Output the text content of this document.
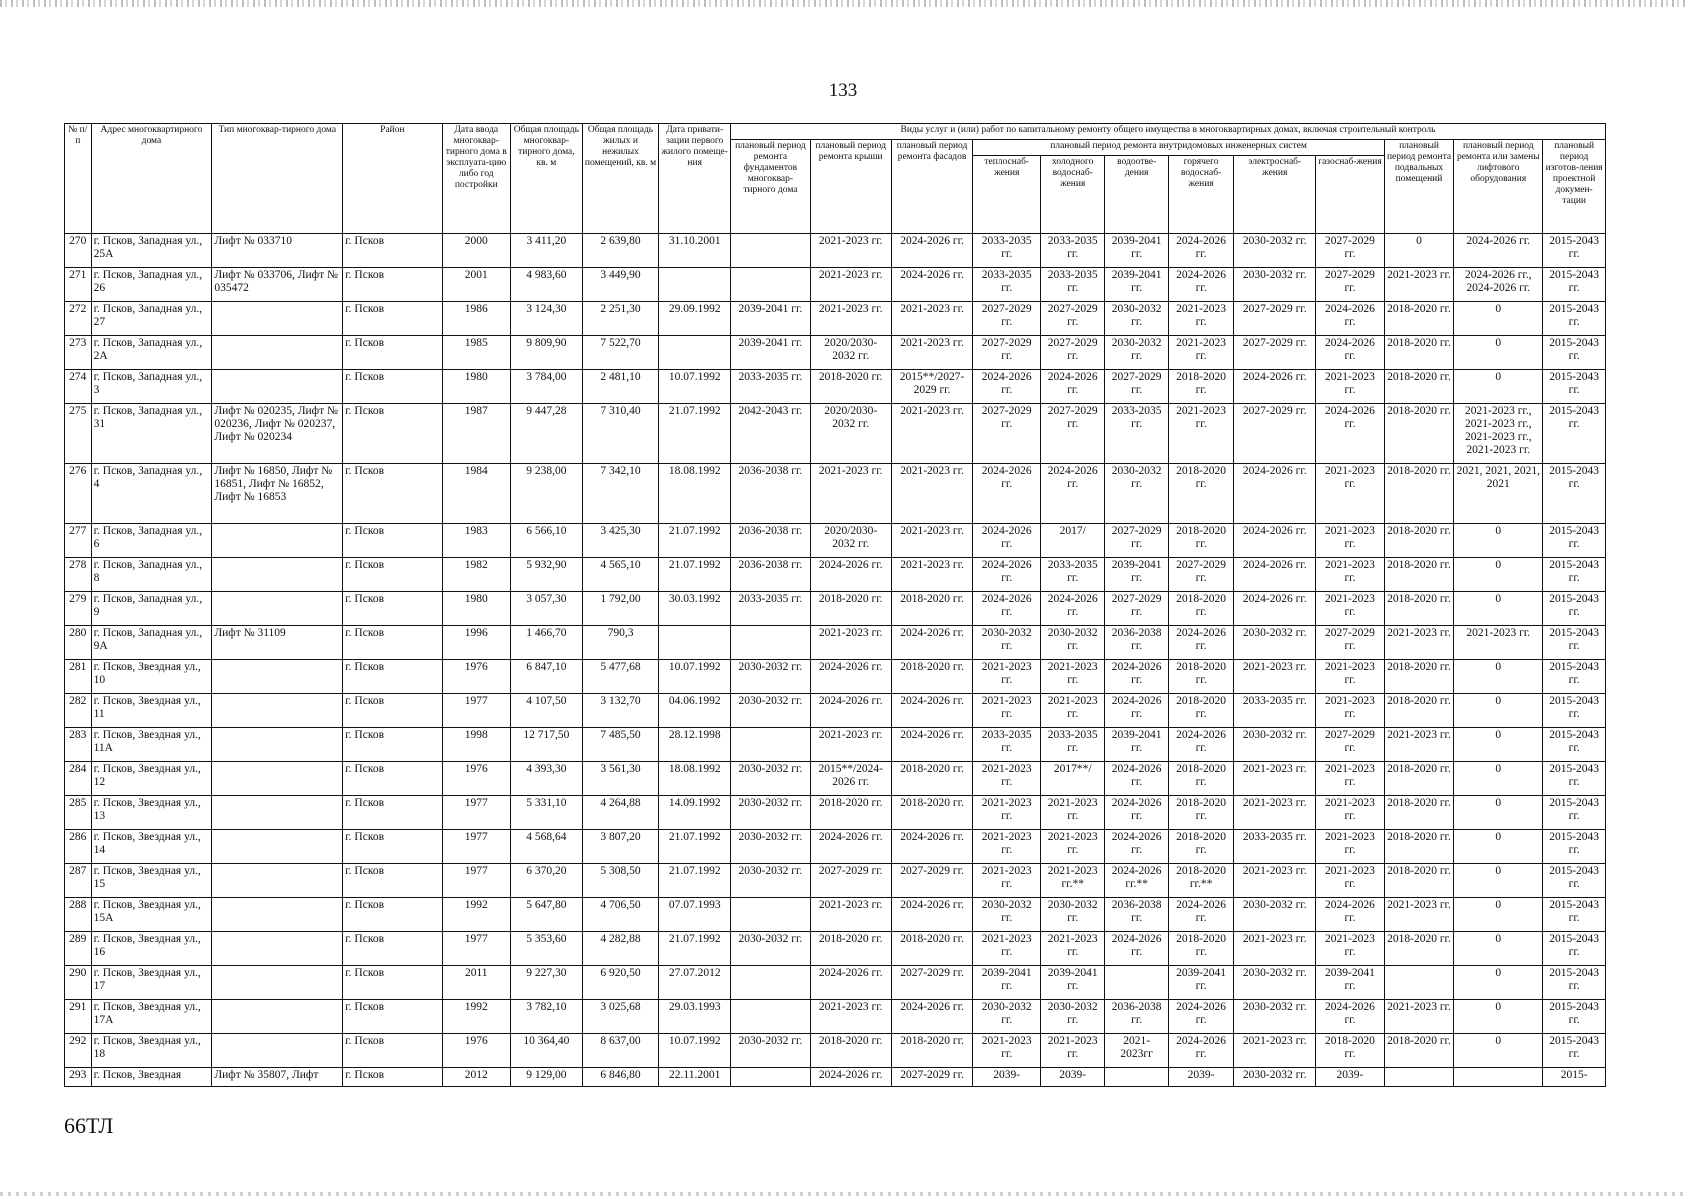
133
№ п/п	Адрес многоквартирного дома	Тип многоквар-тирного дома	Район	Дата ввода многоквар-тирного дома в эксплуата-цию либо год постройки	Общая площадь многоквар-тирного дома, кв. м	Общая площадь жилых и нежилых помещений, кв. м	Дата привати-зации первого жилого помеще-ния	Виды услуг и (или) работ по капитальному ремонту общего имущества в многоквартирных домах, включая строительный контроль											
								плановый период ремонта фундаментов многоквар-тирного дома	плановый период ремонта крыши	плановый период ремонта фасадов	плановый период ремонта внутридомовых инженерных систем						плановый период ремонта подвальных помещений	плановый период ремонта или замены лифтового оборудования	плановый период изготов-ления проектной докумен-тации
											теплоснаб-жения	холодного водоснаб-жения	водоотве-дения	горячего водоснаб-жения	электроснаб-жения	газоснаб-жения			
270	г. Псков, Западная ул., 25А	Лифт № 033710	г. Псков	2000	3 411,20	2 639,80	31.10.2001		2021-2023 гг.	2024-2026 гг.	2033-2035 гг.	2033-2035 гг.	2039-2041 гг.	2024-2026 гг.	2030-2032 гг.	2027-2029 гг.	0	2024-2026 гг.	2015-2043 гг.
271	г. Псков, Западная ул., 26	Лифт № 033706, Лифт № 035472	г. Псков	2001	4 983,60	3 449,90			2021-2023 гг.	2024-2026 гг.	2033-2035 гг.	2033-2035 гг.	2039-2041 гг.	2024-2026 гг.	2030-2032 гг.	2027-2029 гг.	2021-2023 гг.	2024-2026 гг., 2024-2026 гг.	2015-2043 гг.
272	г. Псков, Западная ул., 27		г. Псков	1986	3 124,30	2 251,30	29.09.1992	2039-2041 гг.	2021-2023 гг.	2021-2023 гг.	2027-2029 гг.	2027-2029 гг.	2030-2032 гг.	2021-2023 гг.	2027-2029 гг.	2024-2026 гг.	2018-2020 гг.	0	2015-2043 гг.
273	г. Псков, Западная ул., 2А		г. Псков	1985	9 809,90	7 522,70		2039-2041 гг.	2020/2030-2032 гг.	2021-2023 гг.	2027-2029 гг.	2027-2029 гг.	2030-2032 гг.	2021-2023 гг.	2027-2029 гг.	2024-2026 гг.	2018-2020 гг.	0	2015-2043 гг.
274	г. Псков, Западная ул., 3		г. Псков	1980	3 784,00	2 481,10	10.07.1992	2033-2035 гг.	2018-2020 гг.	2015**/2027-2029 гг.	2024-2026 гг.	2024-2026 гг.	2027-2029 гг.	2018-2020 гг.	2024-2026 гг.	2021-2023 гг.	2018-2020 гг.	0	2015-2043 гг.
275	г. Псков, Западная ул., 31	Лифт № 020235, Лифт № 020236, Лифт № 020237, Лифт № 020234	г. Псков	1987	9 447,28	7 310,40	21.07.1992	2042-2043 гг.	2020/2030-2032 гг.	2021-2023 гг.	2027-2029 гг.	2027-2029 гг.	2033-2035 гг.	2021-2023 гг.	2027-2029 гг.	2024-2026 гг.	2018-2020 гг.	2021-2023 гг., 2021-2023 гг., 2021-2023 гг., 2021-2023 гг.	2015-2043 гг.
276	г. Псков, Западная ул., 4	Лифт № 16850, Лифт № 16851, Лифт № 16852, Лифт № 16853	г. Псков	1984	9 238,00	7 342,10	18.08.1992	2036-2038 гг.	2021-2023 гг.	2021-2023 гг.	2024-2026 гг.	2024-2026 гг.	2030-2032 гг.	2018-2020 гг.	2024-2026 гг.	2021-2023 гг.	2018-2020 гг.	2021, 2021, 2021, 2021	2015-2043 гг.
277	г. Псков, Западная ул., 6		г. Псков	1983	6 566,10	3 425,30	21.07.1992	2036-2038 гг.	2020/2030-2032 гг.	2021-2023 гг.	2024-2026 гг.	2017/	2027-2029 гг.	2018-2020 гг.	2024-2026 гг.	2021-2023 гг.	2018-2020 гг.	0	2015-2043 гг.
278	г. Псков, Западная ул., 8		г. Псков	1982	5 932,90	4 565,10	21.07.1992	2036-2038 гг.	2024-2026 гг.	2021-2023 гг.	2024-2026 гг.	2033-2035 гг.	2039-2041 гг.	2027-2029 гг.	2024-2026 гг.	2021-2023 гг.	2018-2020 гг.	0	2015-2043 гг.
279	г. Псков, Западная ул., 9		г. Псков	1980	3 057,30	1 792,00	30.03.1992	2033-2035 гг.	2018-2020 гг.	2018-2020 гг.	2024-2026 гг.	2024-2026 гг.	2027-2029 гг.	2018-2020 гг.	2024-2026 гг.	2021-2023 гг.	2018-2020 гг.	0	2015-2043 гг.
280	г. Псков, Западная ул., 9А	Лифт № 31109	г. Псков	1996	1 466,70	790,3			2021-2023 гг.	2024-2026 гг.	2030-2032 гг.	2030-2032 гг.	2036-2038 гг.	2024-2026 гг.	2030-2032 гг.	2027-2029 гг.	2021-2023 гг.	2021-2023 гг.	2015-2043 гг.
281	г. Псков, Звездная ул., 10		г. Псков	1976	6 847,10	5 477,68	10.07.1992	2030-2032 гг.	2024-2026 гг.	2018-2020 гг.	2021-2023 гг.	2021-2023 гг.	2024-2026 гг.	2018-2020 гг.	2021-2023 гг.	2021-2023 гг.	2018-2020 гг.	0	2015-2043 гг.
282	г. Псков, Звездная ул., 11		г. Псков	1977	4 107,50	3 132,70	04.06.1992	2030-2032 гг.	2024-2026 гг.	2024-2026 гг.	2021-2023 гг.	2021-2023 гг.	2024-2026 гг.	2018-2020 гг.	2033-2035 гг.	2021-2023 гг.	2018-2020 гг.	0	2015-2043 гг.
283	г. Псков, Звездная ул., 11А		г. Псков	1998	12 717,50	7 485,50	28.12.1998		2021-2023 гг.	2024-2026 гг.	2033-2035 гг.	2033-2035 гг.	2039-2041 гг.	2024-2026 гг.	2030-2032 гг.	2027-2029 гг.	2021-2023 гг.	0	2015-2043 гг.
284	г. Псков, Звездная ул., 12		г. Псков	1976	4 393,30	3 561,30	18.08.1992	2030-2032 гг.	2015**/2024-2026 гг.	2018-2020 гг.	2021-2023 гг.	2017**/	2024-2026 гг.	2018-2020 гг.	2021-2023 гг.	2021-2023 гг.	2018-2020 гг.	0	2015-2043 гг.
285	г. Псков, Звездная ул., 13		г. Псков	1977	5 331,10	4 264,88	14.09.1992	2030-2032 гг.	2018-2020 гг.	2018-2020 гг.	2021-2023 гг.	2021-2023 гг.	2024-2026 гг.	2018-2020 гг.	2021-2023 гг.	2021-2023 гг.	2018-2020 гг.	0	2015-2043 гг.
286	г. Псков, Звездная ул., 14		г. Псков	1977	4 568,64	3 807,20	21.07.1992	2030-2032 гг.	2024-2026 гг.	2024-2026 гг.	2021-2023 гг.	2021-2023 гг.	2024-2026 гг.	2018-2020 гг.	2033-2035 гг.	2021-2023 гг.	2018-2020 гг.	0	2015-2043 гг.
287	г. Псков, Звездная ул., 15		г. Псков	1977	6 370,20	5 308,50	21.07.1992	2030-2032 гг.	2027-2029 гг.	2027-2029 гг.	2021-2023 гг.	2021-2023 гг.**	2024-2026 гг.**	2018-2020 гг.**	2021-2023 гг.	2021-2023 гг.	2018-2020 гг.	0	2015-2043 гг.
288	г. Псков, Звездная ул., 15А		г. Псков	1992	5 647,80	4 706,50	07.07.1993		2021-2023 гг.	2024-2026 гг.	2030-2032 гг.	2030-2032 гг.	2036-2038 гг.	2024-2026 гг.	2030-2032 гг.	2024-2026 гг.	2021-2023 гг.	0	2015-2043 гг.
289	г. Псков, Звездная ул., 16		г. Псков	1977	5 353,60	4 282,88	21.07.1992	2030-2032 гг.	2018-2020 гг.	2018-2020 гг.	2021-2023 гг.	2021-2023 гг.	2024-2026 гг.	2018-2020 гг.	2021-2023 гг.	2021-2023 гг.	2018-2020 гг.	0	2015-2043 гг.
290	г. Псков, Звездная ул., 17		г. Псков	2011	9 227,30	6 920,50	27.07.2012		2024-2026 гг.	2027-2029 гг.	2039-2041 гг.	2039-2041 гг.		2039-2041 гг.	2030-2032 гг.	2039-2041 гг.		0	2015-2043 гг.
291	г. Псков, Звездная ул., 17А		г. Псков	1992	3 782,10	3 025,68	29.03.1993		2021-2023 гг.	2024-2026 гг.	2030-2032 гг.	2030-2032 гг.	2036-2038 гг.	2024-2026 гг.	2030-2032 гг.	2024-2026 гг.	2021-2023 гг.	0	2015-2043 гг.
292	г. Псков, Звездная ул., 18		г. Псков	1976	10 364,40	8 637,00	10.07.1992	2030-2032 гг.	2018-2020 гг.	2018-2020 гг.	2021-2023 гг.	2021-2023 гг.	2021-2023гг	2024-2026 гг.	2021-2023 гг.	2018-2020 гг.	2018-2020 гг.	0	2015-2043 гг.
293	г. Псков, Звездная	Лифт № 35807, Лифт	г. Псков	2012	9 129,00	6 846,80	22.11.2001		2024-2026 гг.	2027-2029 гг.	2039-	2039-		2039-	2030-2032 гг.	2039-			2015-
66ТЛ
